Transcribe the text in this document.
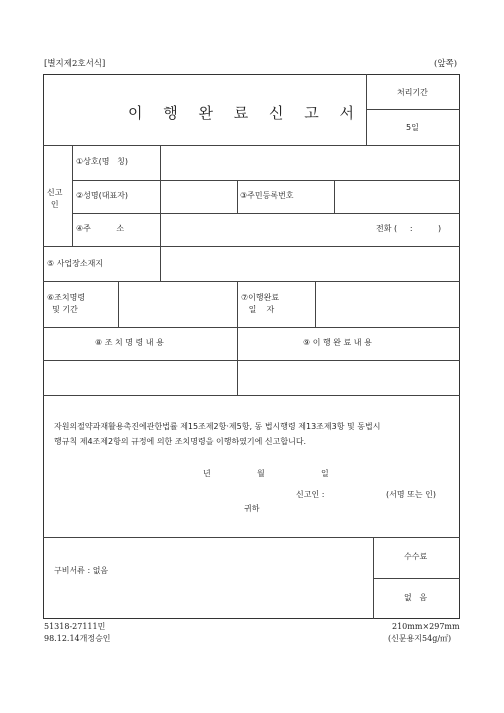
[별지제2호서식]	(앞쪽)
이 행 완 료 신 고 서
처리기간
5일
신고
인
①상호(명   칭)
②성명(대표자)	③주민등록번호
④주          소	전화 (     :          )
⑤ 사업장소재지
⑥조치명령
및 기간
⑦이행완료
일    자
⑧ 조 치 명 령 내 용	⑨ 이 행 완 료 내 용
자원의절약과재활용촉진에관한법률 제15조제2항·제5항, 동 법시행령 제13조제3항 및 동법시
행규칙 제4조제2항의 규정에 의한 조치명령을 이행하였기에 신고합니다.
년	월	일
신고인 :	(서명 또는 인)
귀하
구비서류 : 없음
수수료
없   음
51318-27111민
98.12.14개정승인
210mm×297mm
(신문용지54g/㎡)
